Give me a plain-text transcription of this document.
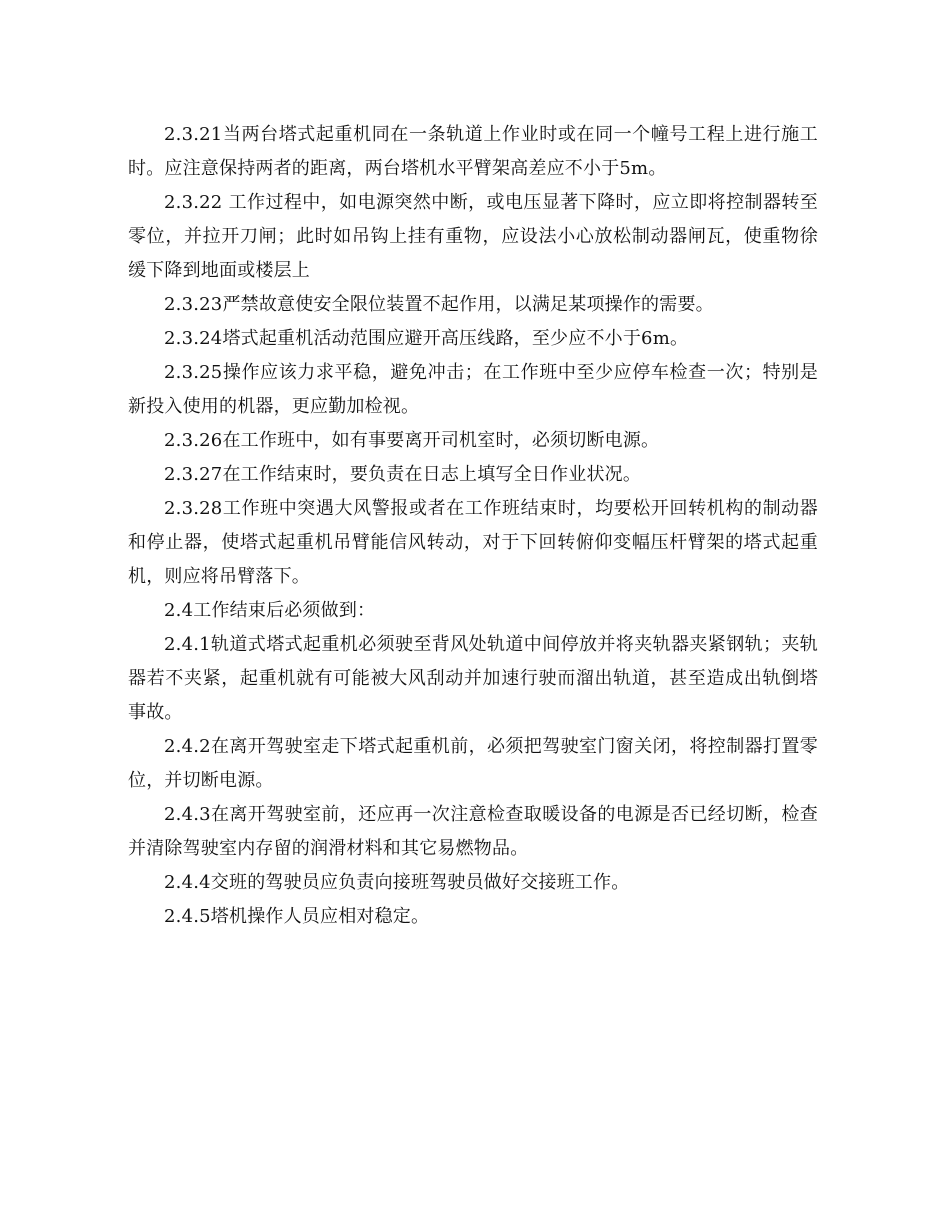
2.3.21当两台塔式起重机同在一条轨道上作业时或在同一个幢号工程上进行施工时。应注意保持两者的距离，两台塔机水平臂架高差应不小于5m。

2.3.22 工作过程中，如电源突然中断，或电压显著下降时，应立即将控制器转至零位，并拉开刀闸；此时如吊钩上挂有重物，应设法小心放松制动器闸瓦，使重物徐缓下降到地面或楼层上

2.3.23严禁故意使安全限位装置不起作用，以满足某项操作的需要。

2.3.24塔式起重机活动范围应避开高压线路，至少应不小于6m。

2.3.25操作应该力求平稳，避免冲击；在工作班中至少应停车检查一次；特别是新投入使用的机器，更应勤加检视。

2.3.26在工作班中，如有事要离开司机室时，必须切断电源。

2.3.27在工作结束时，要负责在日志上填写全日作业状况。

2.3.28工作班中突遇大风警报或者在工作班结束时，均要松开回转机构的制动器和停止器，使塔式起重机吊臂能信风转动，对于下回转俯仰变幅压杆臂架的塔式起重机，则应将吊臂落下。

2.4工作结束后必须做到：

2.4.1轨道式塔式起重机必须驶至背风处轨道中间停放并将夹轨器夹紧钢轨；夹轨器若不夹紧，起重机就有可能被大风刮动并加速行驶而溜出轨道，甚至造成出轨倒塔事故。

2.4.2在离开驾驶室走下塔式起重机前，必须把驾驶室门窗关闭，将控制器打置零位，并切断电源。

2.4.3在离开驾驶室前，还应再一次注意检查取暖设备的电源是否已经切断，检查并清除驾驶室内存留的润滑材料和其它易燃物品。

2.4.4交班的驾驶员应负责向接班驾驶员做好交接班工作。

2.4.5塔机操作人员应相对稳定。
